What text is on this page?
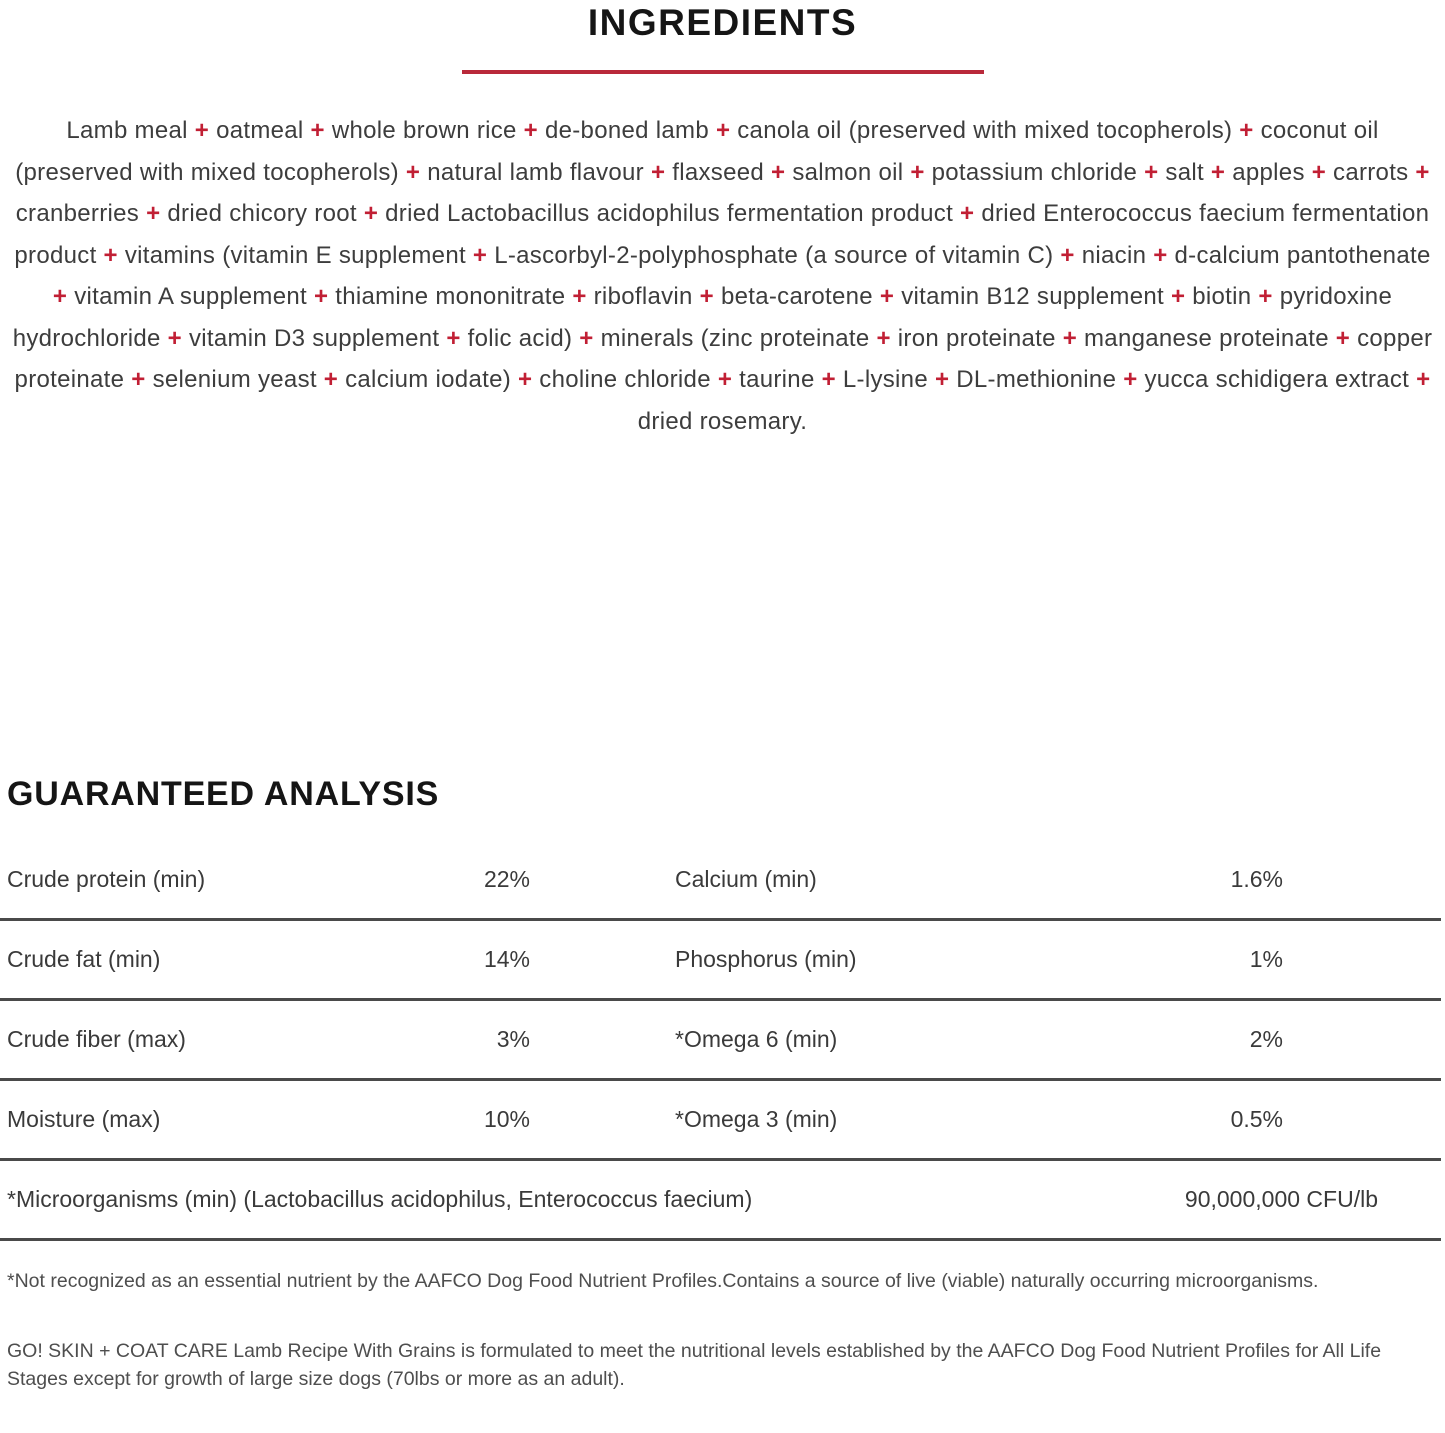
INGREDIENTS

Lamb meal + oatmeal + whole brown rice + de-boned lamb + canola oil (preserved with mixed tocopherols) + coconut oil (preserved with mixed tocopherols) + natural lamb flavour + flaxseed + salmon oil + potassium chloride + salt + apples + carrots + cranberries + dried chicory root + dried Lactobacillus acidophilus fermentation product + dried Enterococcus faecium fermentation product + vitamins (vitamin E supplement + L-ascorbyl-2-polyphosphate (a source of vitamin C) + niacin + d-calcium pantothenate + vitamin A supplement + thiamine mononitrate + riboflavin + beta-carotene + vitamin B12 supplement + biotin + pyridoxine hydrochloride + vitamin D3 supplement + folic acid) + minerals (zinc proteinate + iron proteinate + manganese proteinate + copper proteinate + selenium yeast + calcium iodate) + choline chloride + taurine + L-lysine + DL-methionine + yucca schidigera extract + dried rosemary.

GUARANTEED ANALYSIS
Crude protein (min)	22%	Calcium (min)	1.6%
Crude fat (min)	14%	Phosphorus (min)	1%
Crude fiber (max)	3%	*Omega 6 (min)	2%
Moisture (max)	10%	*Omega 3 (min)	0.5%
*Microorganisms (min) (Lactobacillus acidophilus, Enterococcus faecium)	90,000,000 CFU/lb

*Not recognized as an essential nutrient by the AAFCO Dog Food Nutrient Profiles.Contains a source of live (viable) naturally occurring microorganisms.

GO! SKIN + COAT CARE Lamb Recipe With Grains is formulated to meet the nutritional levels established by the AAFCO Dog Food Nutrient Profiles for All Life Stages except for growth of large size dogs (70lbs or more as an adult).
